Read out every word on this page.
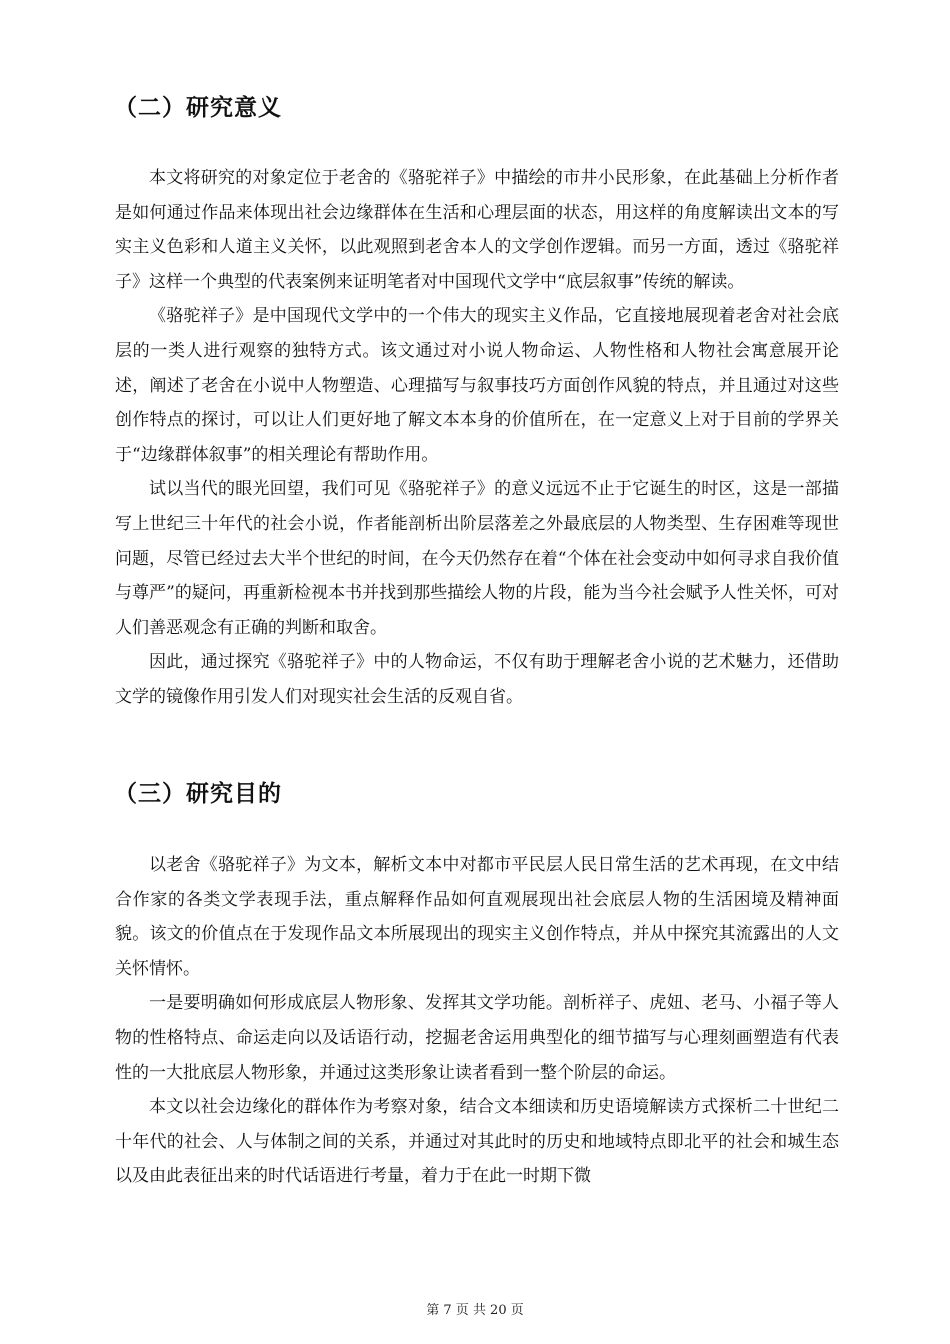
（二）研究意义

本文将研究的对象定位于老舍的《骆驼祥子》中描绘的市井小民形象，在此基础上分析作者是如何通过作品来体现出社会边缘群体在生活和心理层面的状态，用这样的角度解读出文本的写实主义色彩和人道主义关怀，以此观照到老舍本人的文学创作逻辑。而另一方面，透过《骆驼祥子》这样一个典型的代表案例来证明笔者对中国现代文学中“底层叙事”传统的解读。

《骆驼祥子》是中国现代文学中的一个伟大的现实主义作品，它直接地展现着老舍对社会底层的一类人进行观察的独特方式。该文通过对小说人物命运、人物性格和人物社会寓意展开论述，阐述了老舍在小说中人物塑造、心理描写与叙事技巧方面创作风貌的特点，并且通过对这些创作特点的探讨，可以让人们更好地了解文本本身的价值所在，在一定意义上对于目前的学界关于“边缘群体叙事”的相关理论有帮助作用。

试以当代的眼光回望，我们可见《骆驼祥子》的意义远远不止于它诞生的时区，这是一部描写上世纪三十年代的社会小说，作者能剖析出阶层落差之外最底层的人物类型、生存困难等现世问题，尽管已经过去大半个世纪的时间，在今天仍然存在着“个体在社会变动中如何寻求自我价值与尊严”的疑问，再重新检视本书并找到那些描绘人物的片段，能为当今社会赋予人性关怀，可对人们善恶观念有正确的判断和取舍。

因此，通过探究《骆驼祥子》中的人物命运，不仅有助于理解老舍小说的艺术魅力，还借助文学的镜像作用引发人们对现实社会生活的反观自省。

（三）研究目的

以老舍《骆驼祥子》为文本，解析文本中对都市平民层人民日常生活的艺术再现，在文中结合作家的各类文学表现手法，重点解释作品如何直观展现出社会底层人物的生活困境及精神面貌。该文的价值点在于发现作品文本所展现出的现实主义创作特点，并从中探究其流露出的人文关怀情怀。

一是要明确如何形成底层人物形象、发挥其文学功能。剖析祥子、虎妞、老马、小福子等人物的性格特点、命运走向以及话语行动，挖掘老舍运用典型化的细节描写与心理刻画塑造有代表性的一大批底层人物形象，并通过这类形象让读者看到一整个阶层的命运。

本文以社会边缘化的群体作为考察对象，结合文本细读和历史语境解读方式探析二十世纪二十年代的社会、人与体制之间的关系，并通过对其此时的历史和地域特点即北平的社会和城生态以及由此表征出来的时代话语进行考量，着力于在此一时期下微

第 7 页 共 20 页
